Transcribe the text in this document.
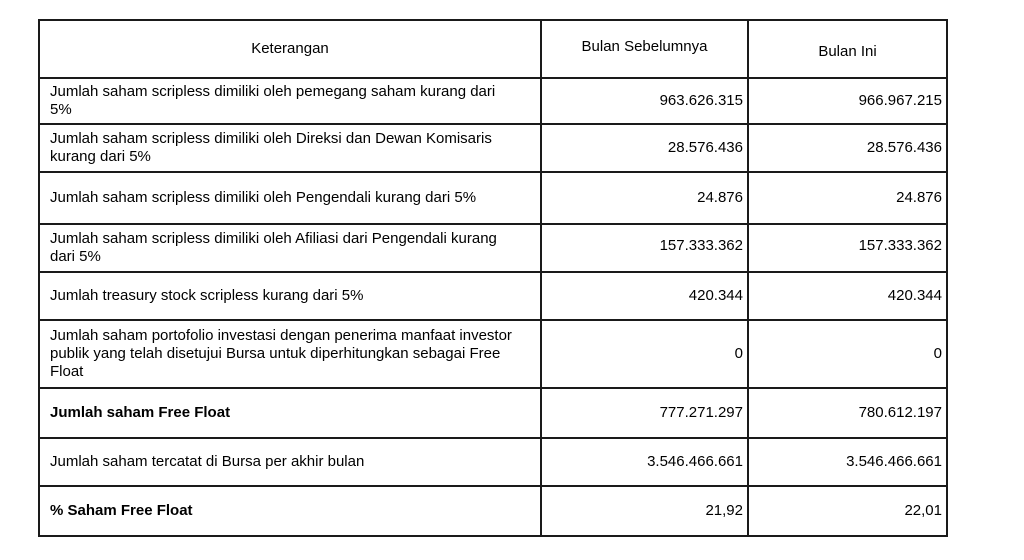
Keterangan	Bulan Sebelumnya	Bulan Ini
Jumlah saham scripless dimiliki oleh pemegang saham kurang dari 5%	963.626.315	966.967.215
Jumlah saham scripless dimiliki oleh Direksi dan Dewan Komisaris kurang dari 5%	28.576.436	28.576.436
Jumlah saham scripless dimiliki oleh Pengendali kurang dari 5%	24.876	24.876
Jumlah saham scripless dimiliki oleh Afiliasi dari Pengendali kurang dari 5%	157.333.362	157.333.362
Jumlah treasury stock scripless kurang dari 5%	420.344	420.344
Jumlah saham portofolio investasi dengan penerima manfaat investor publik yang telah disetujui Bursa untuk diperhitungkan sebagai Free Float	0	0
Jumlah saham Free Float	777.271.297	780.612.197
Jumlah saham tercatat di Bursa per akhir bulan	3.546.466.661	3.546.466.661
% Saham Free Float	21,92	22,01
